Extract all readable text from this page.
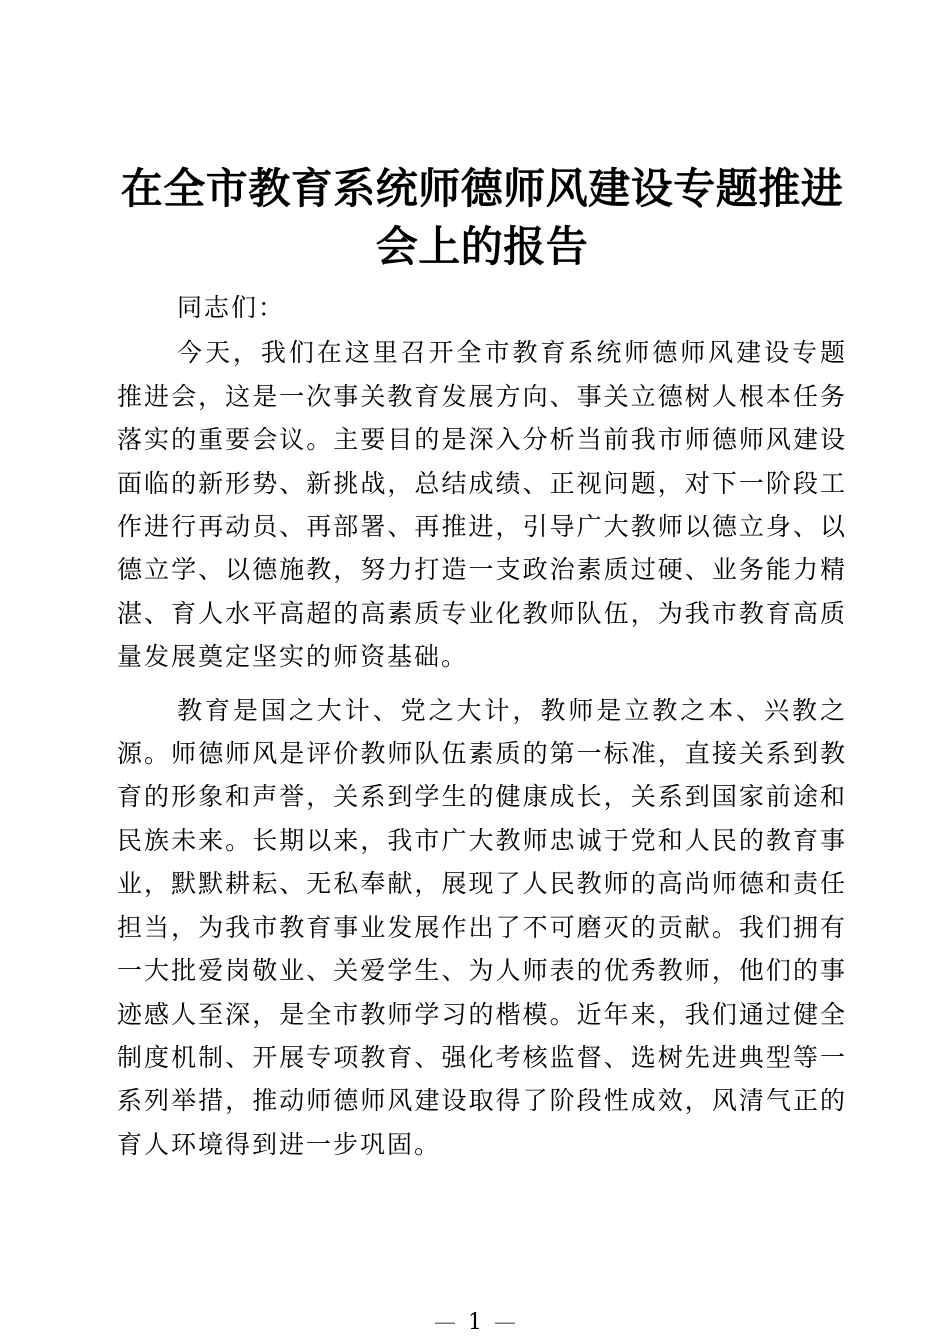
在全市教育系统师德师风建设专题推进会上的报告

同志们：

今天，我们在这里召开全市教育系统师德师风建设专题推进会，这是一次事关教育发展方向、事关立德树人根本任务落实的重要会议。主要目的是深入分析当前我市师德师风建设面临的新形势、新挑战，总结成绩、正视问题，对下一阶段工作进行再动员、再部署、再推进，引导广大教师以德立身、以德立学、以德施教，努力打造一支政治素质过硬、业务能力精湛、育人水平高超的高素质专业化教师队伍，为我市教育高质量发展奠定坚实的师资基础。

教育是国之大计、党之大计，教师是立教之本、兴教之源。师德师风是评价教师队伍素质的第一标准，直接关系到教育的形象和声誉，关系到学生的健康成长，关系到国家前途和民族未来。长期以来，我市广大教师忠诚于党和人民的教育事业，默默耕耘、无私奉献，展现了人民教师的高尚师德和责任担当，为我市教育事业发展作出了不可磨灭的贡献。我们拥有一大批爱岗敬业、关爱学生、为人师表的优秀教师，他们的事迹感人至深，是全市教师学习的楷模。近年来，我们通过健全制度机制、开展专项教育、强化考核监督、选树先进典型等一系列举措，推动师德师风建设取得了阶段性成效，风清气正的育人环境得到进一步巩固。

— 1 —
